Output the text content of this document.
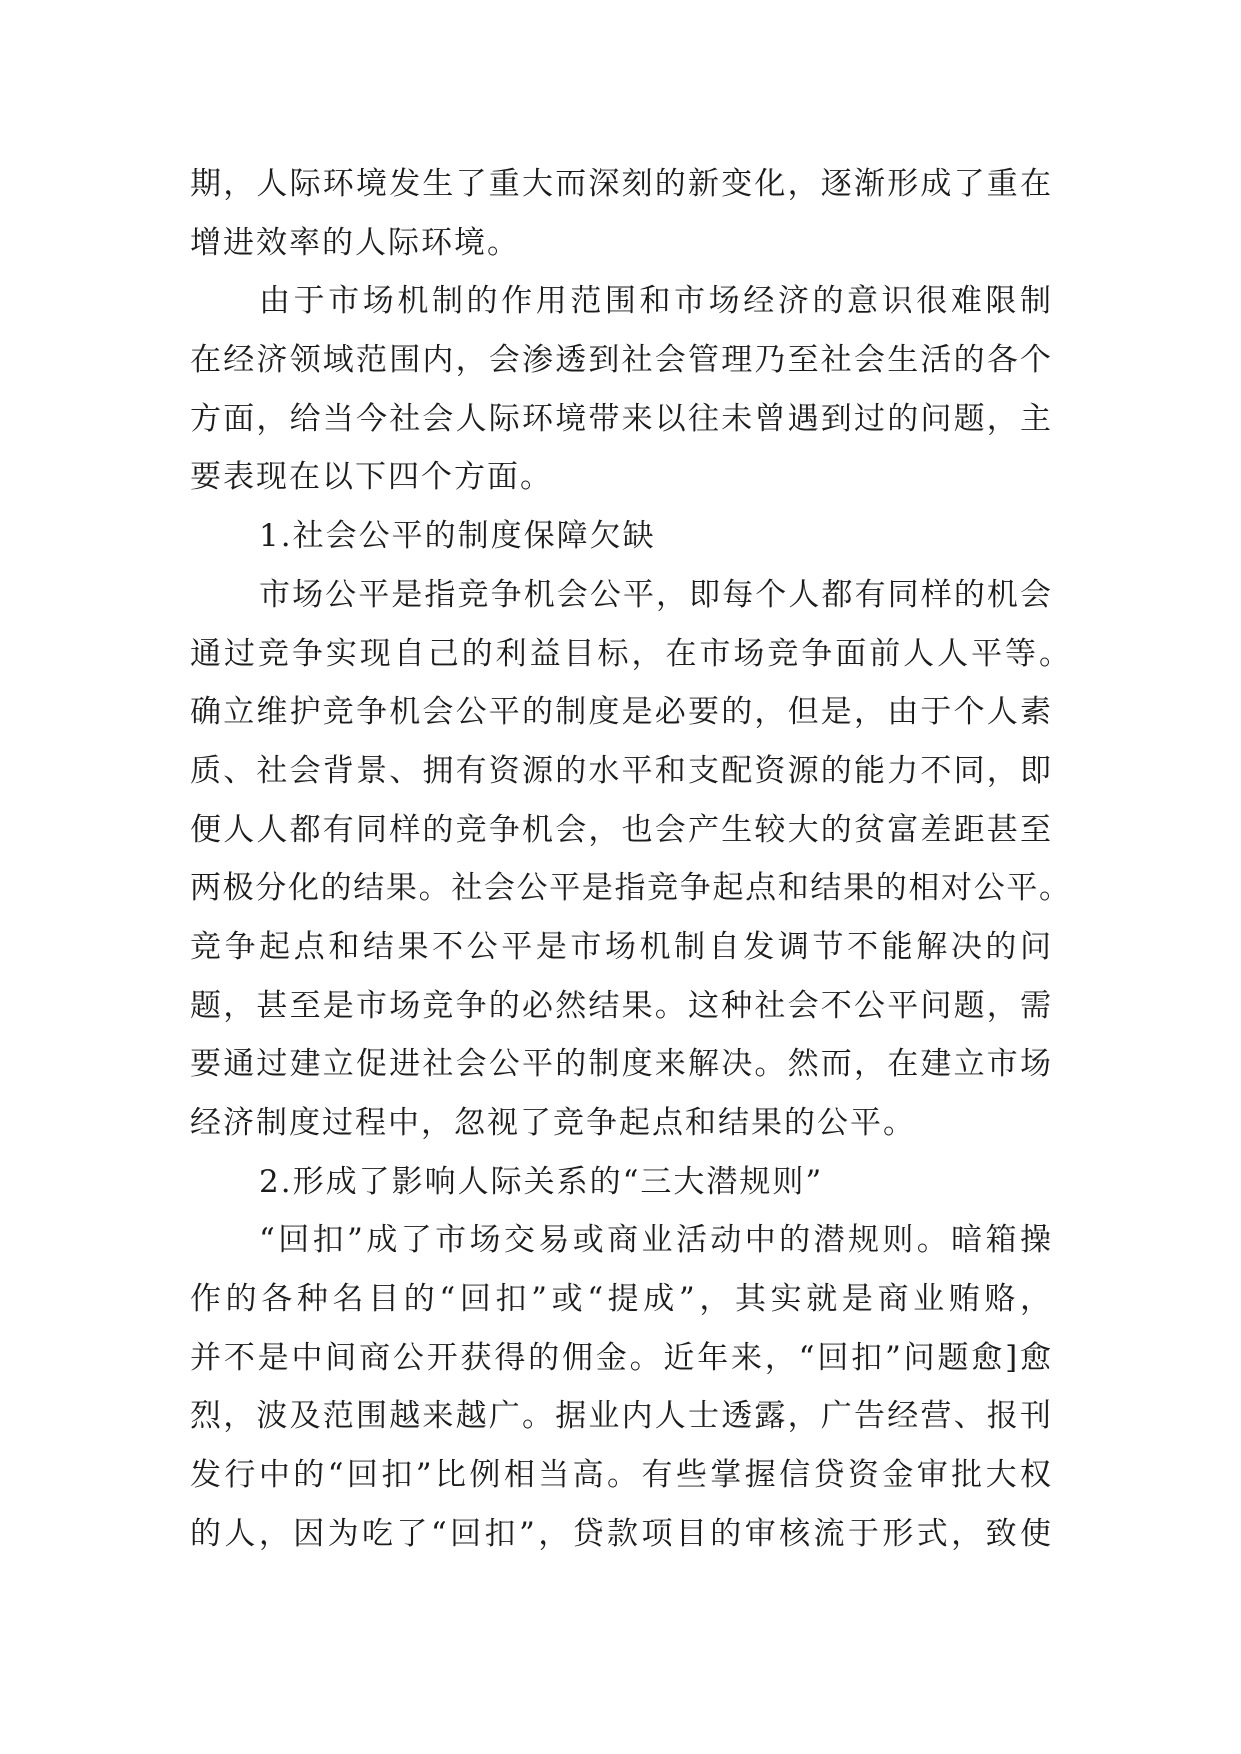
期，人际环境发生了重大而深刻的新变化，逐渐形成了重在
增进效率的人际环境。
由于市场机制的作用范围和市场经济的意识很难限制
在经济领域范围内，会渗透到社会管理乃至社会生活的各个
方面，给当今社会人际环境带来以往未曾遇到过的问题，主
要表现在以下四个方面。
1.社会公平的制度保障欠缺
市场公平是指竞争机会公平，即每个人都有同样的机会
通过竞争实现自己的利益目标，在市场竞争面前人人平等。
确立维护竞争机会公平的制度是必要的，但是，由于个人素
质、社会背景、拥有资源的水平和支配资源的能力不同，即
便人人都有同样的竞争机会，也会产生较大的贫富差距甚至
两极分化的结果。社会公平是指竞争起点和结果的相对公平。
竞争起点和结果不公平是市场机制自发调节不能解决的问
题，甚至是市场竞争的必然结果。这种社会不公平问题，需
要通过建立促进社会公平的制度来解决。然而，在建立市场
经济制度过程中，忽视了竞争起点和结果的公平。
2.形成了影响人际关系的“三大潜规则”
“回扣”成了市场交易或商业活动中的潜规则。暗箱操
作的各种名目的“回扣”或“提成”，其实就是商业贿赂，
并不是中间商公开获得的佣金。近年来，“回扣”问题愈]愈
烈，波及范围越来越广。据业内人士透露，广告经营、报刊
发行中的“回扣”比例相当高。有些掌握信贷资金审批大权
的人，因为吃了“回扣”，贷款项目的审核流于形式，致使
